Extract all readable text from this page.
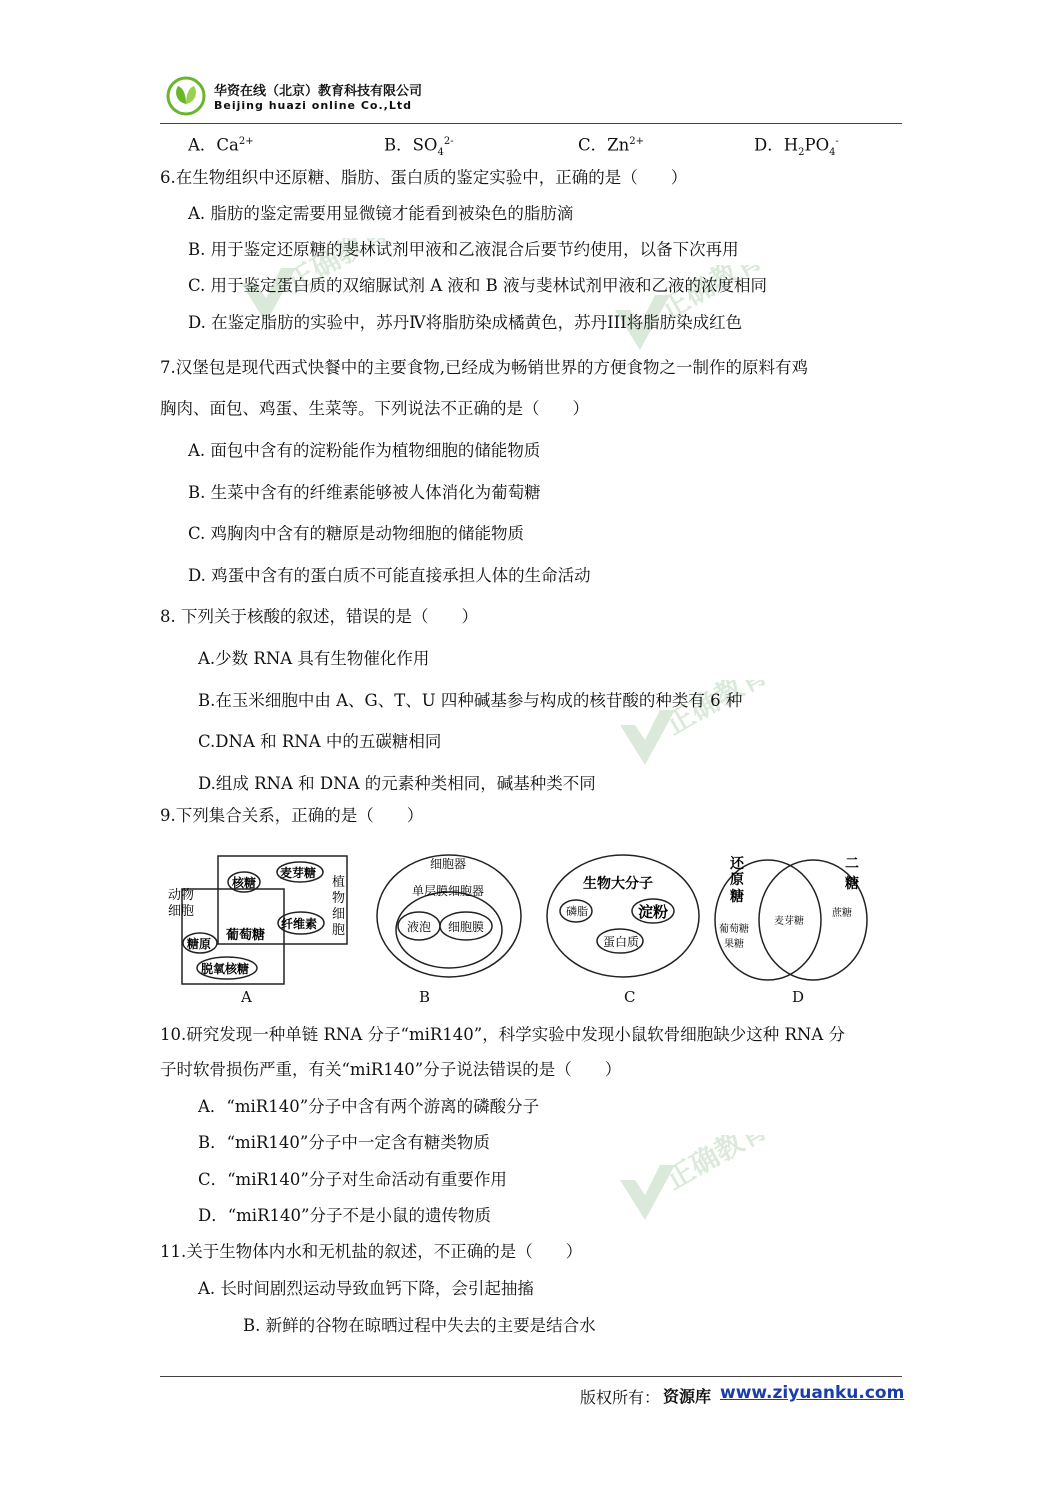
华资在线（北京）教育科技有限公司
Beijing huazi online Co.,Ltd
正确教育	正确教育
正确教育
正确教育
A．$Ca^{2+}$	B．$SO_4^{2-}$	C．$Zn^{2+}$	D．$H_2PO_4^-$
6.在生物组织中还原糖、脂肪、蛋白质的鉴定实验中，正确的是（　　）
A. 脂肪的鉴定需要用显微镜才能看到被染色的脂肪滴
B. 用于鉴定还原糖的斐林试剂甲液和乙液混合后要节约使用，以备下次再用
C. 用于鉴定蛋白质的双缩脲试剂 A 液和 B 液与斐林试剂甲液和乙液的浓度相同
D. 在鉴定脂肪的实验中，苏丹Ⅳ将脂肪染成橘黄色，苏丹III将脂肪染成红色
7.汉堡包是现代西式快餐中的主要食物,已经成为畅销世界的方便食物之一制作的原料有鸡
胸肉、面包、鸡蛋、生菜等。下列说法不正确的是（　　）
A. 面包中含有的淀粉能作为植物细胞的储能物质
B. 生菜中含有的纤维素能够被人体消化为葡萄糖
C. 鸡胸肉中含有的糖原是动物细胞的储能物质
D. 鸡蛋中含有的蛋白质不可能直接承担人体的生命活动
8. 下列关于核酸的叙述，错误的是（　　）
A.少数 RNA 具有生物催化作用
B.在玉米细胞中由 A、G、T、U 四种碱基参与构成的核苷酸的种类有 6 种
C.DNA 和 RNA 中的五碳糖相同
D.组成 RNA 和 DNA 的元素种类相同，碱基种类不同
9.下列集合关系，正确的是（　　）
动物
细胞
植
物
细
胞
核糖
麦芽糖
葡萄糖
纤维素
糖原
脱氧核糖
A
细胞器
单层膜细胞器
液泡 细胞膜
B
生物大分子
磷脂	淀粉
蛋白质
C
还
原
糖
二
糖
葡萄糖
果糖
麦芽糖
蔗糖
D
10.研究发现一种单链 RNA 分子“miR140”，科学实验中发现小鼠软骨细胞缺少这种 RNA 分
子时软骨损伤严重，有关“miR140”分子说法错误的是（　　）
A．“miR140”分子中含有两个游离的磷酸分子
B．“miR140”分子中一定含有糖类物质
C．“miR140”分子对生命活动有重要作用
D．“miR140”分子不是小鼠的遗传物质
11.关于生物体内水和无机盐的叙述，不正确的是（　　）
A. 长时间剧烈运动导致血钙下降，会引起抽搐
B. 新鲜的谷物在晾晒过程中失去的主要是结合水
版权所有： 资源库 www.ziyuanku.com
